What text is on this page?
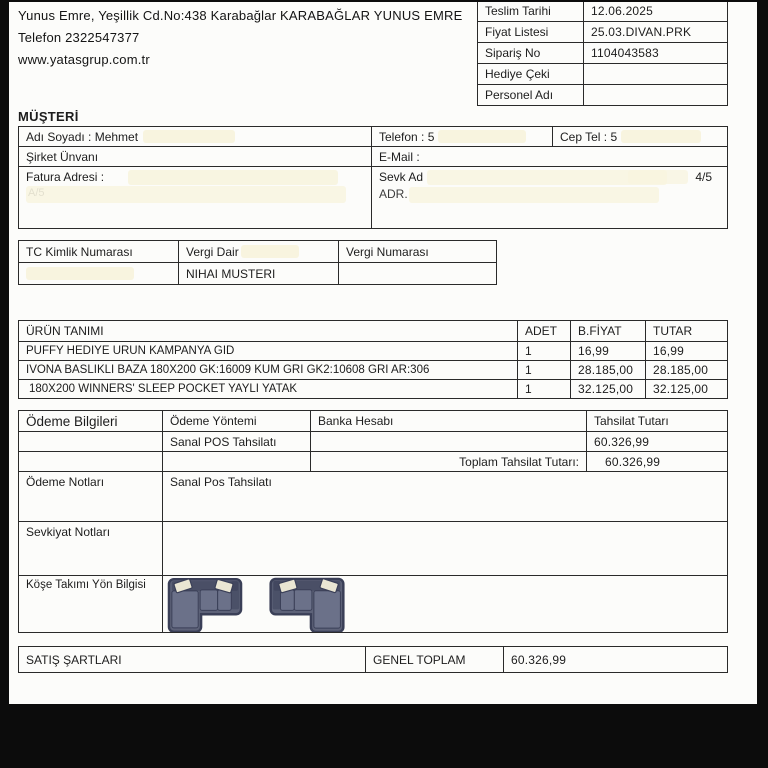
Yunus Emre, Yeşillik Cd.No:438 Karabağlar KARABAĞLAR YUNUS EMRE
Telefon 2322547377
www.yatasgrup.com.tr
Teslim Tarihi	12.06.2025
Fiyat Listesi	25.03.DIVAN.PRK
Sipariş No	1104043583
Hediye Çeki	
Personel Adı	
MÜŞTERİ
Adı Soyadı : Mehmet	Telefon : 5	Cep Tel : 5
Şirket Ünvanı	E-Mail :	

Fatura Adresi :	Sevk Ad 4/5
ADR.	
TC Kimlik Numarası	Vergi Dair	Vergi Numarası
	NIHAI MUSTERI	
ÜRÜN TANIMI	ADET	B.FİYAT	TUTAR
PUFFY HEDIYE URUN KAMPANYA GID	1	16,99	16,99
IVONA BASLIKLI BAZA 180X200 GK:16009 KUM GRI GK2:10608 GRI AR:306	1	28.185,00	28.185,00
180X200 WINNERS' SLEEP POCKET YAYLI YATAK	1	32.125,00	32.125,00
Ödeme Bilgileri	Ödeme Yöntemi	Banka Hesabı	Tahsilat Tutarı
	Sanal POS Tahsilatı		60.326,99
		Toplam Tahsilat Tutarı:	60.326,99
Ödeme Notları	Sanal Pos Tahsilatı		
Sevkiyat Notları			
Köşe Takımı Yön Bilgisi	
SATIŞ ŞARTLARI	GENEL TOPLAM	60.326,99
